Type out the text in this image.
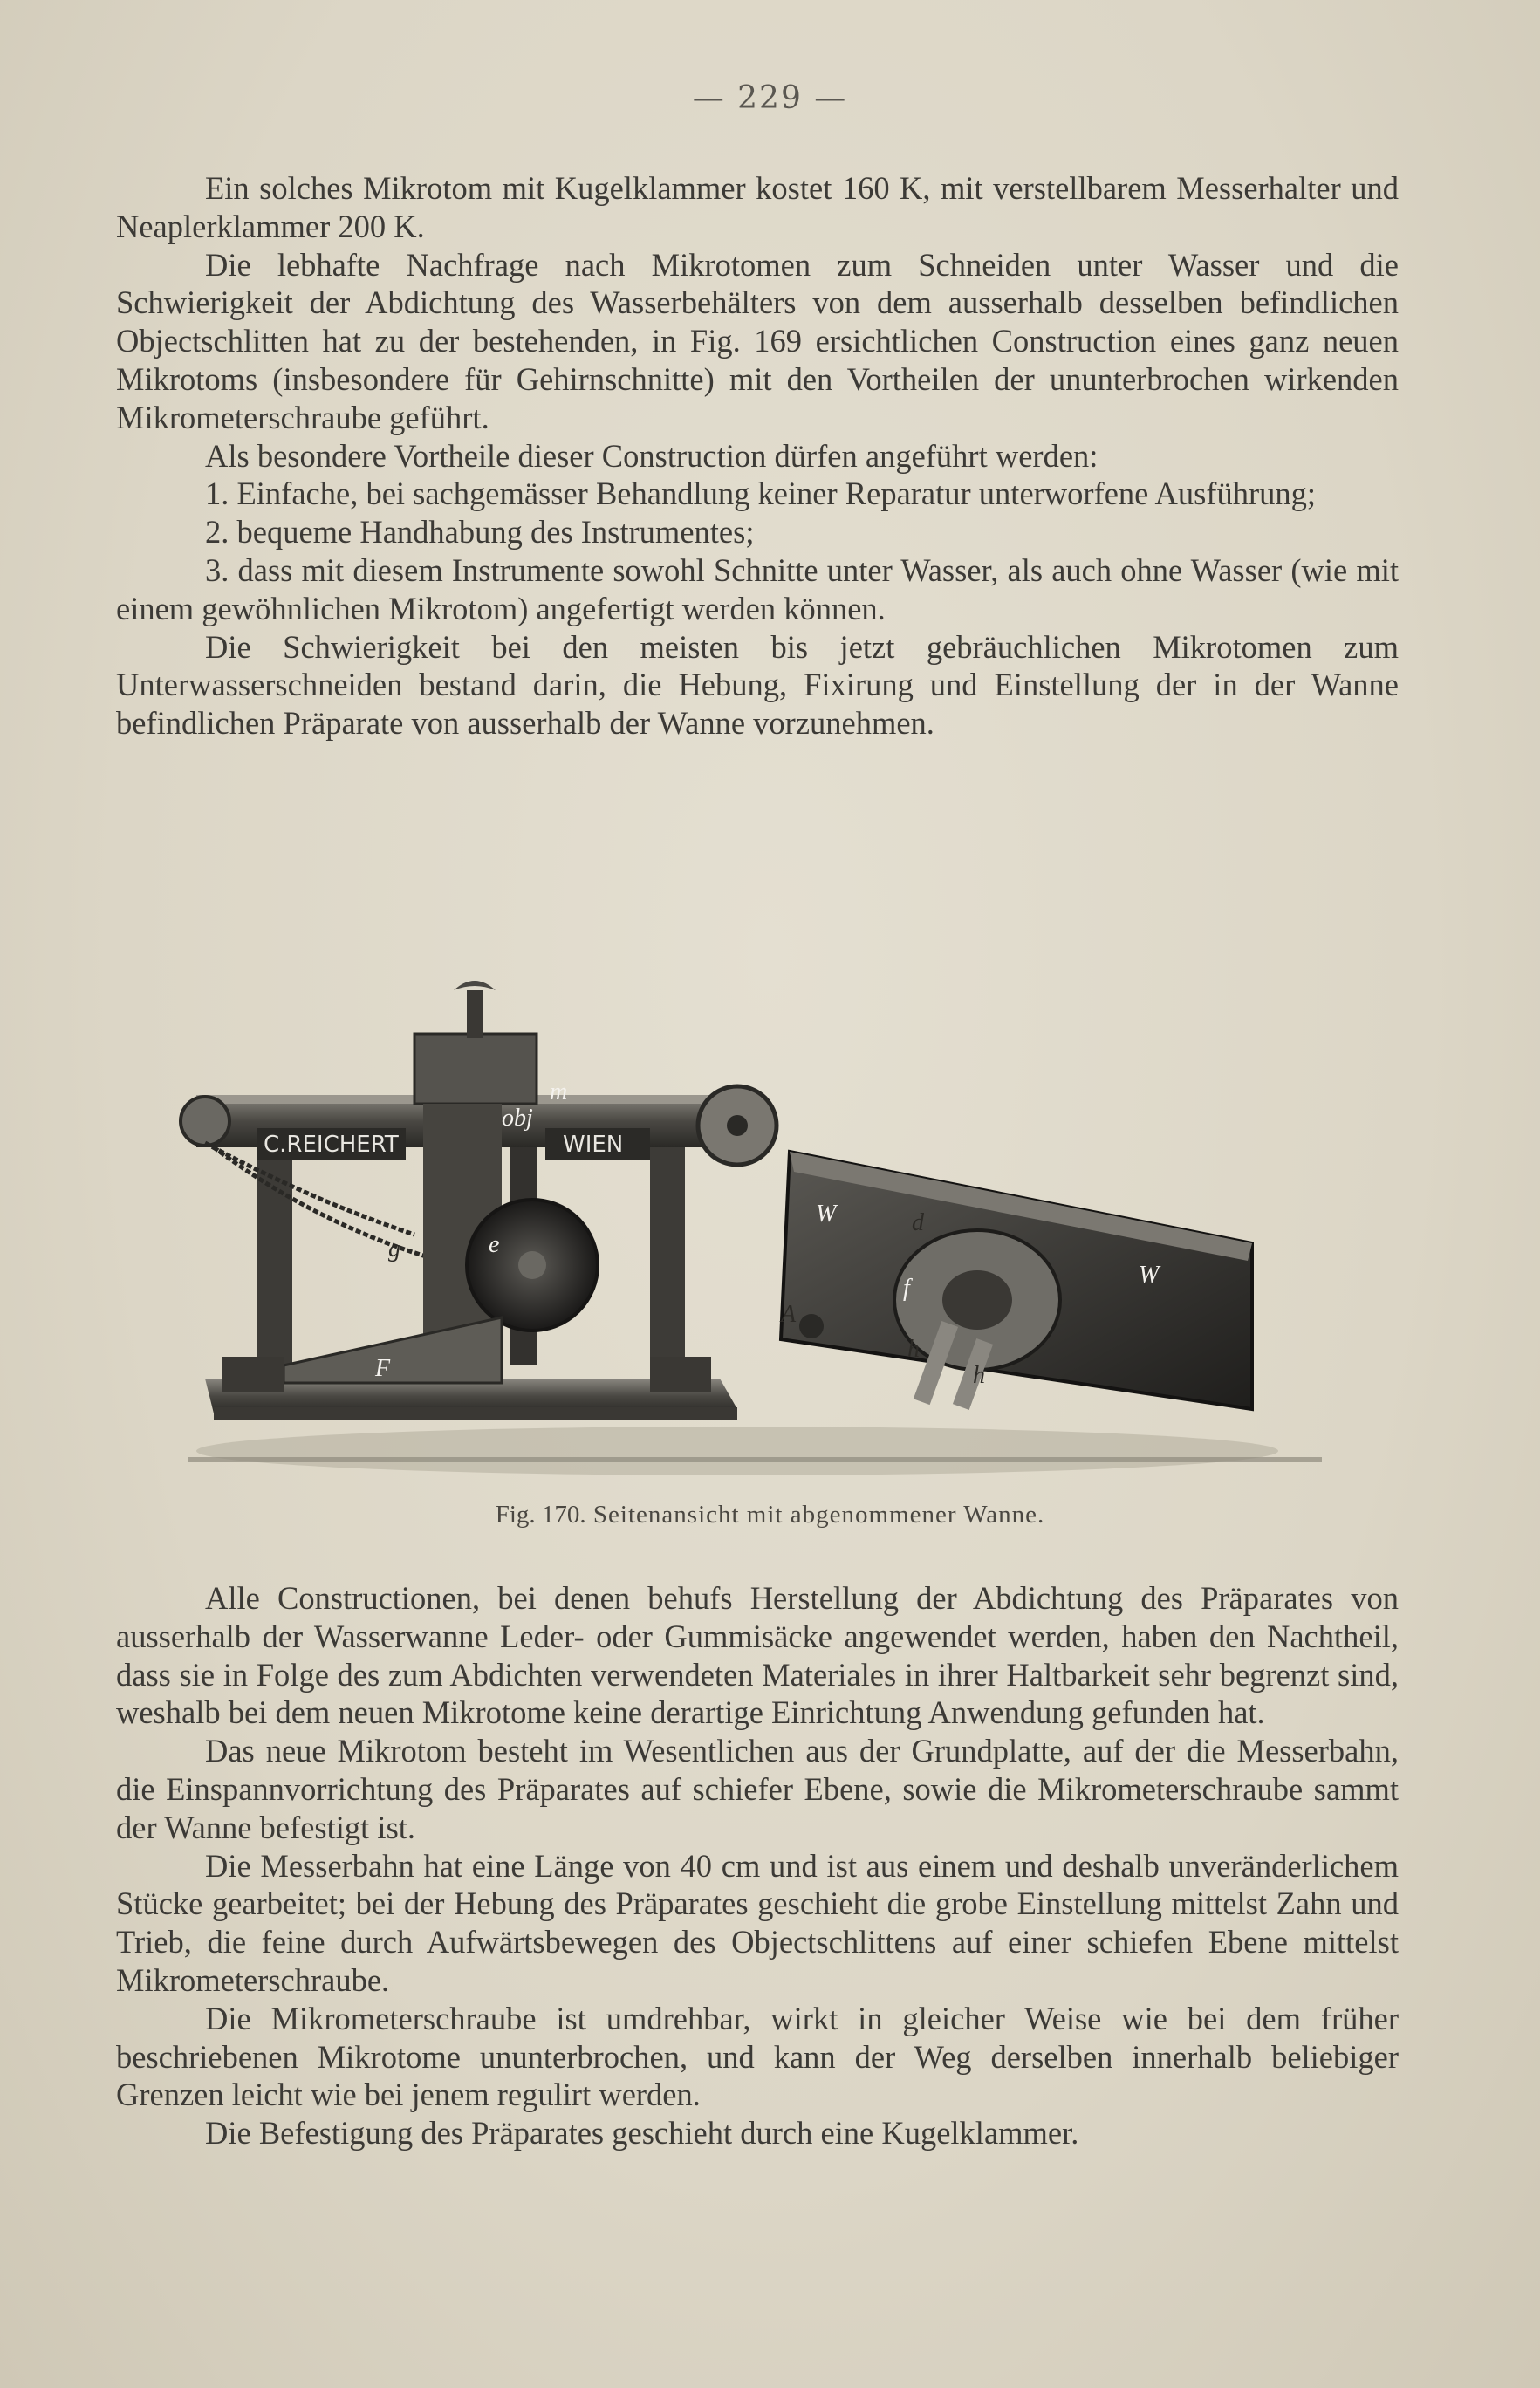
— 229 —

Ein solches Mikrotom mit Kugelklammer kostet 160 K, mit verstellbarem Messerhalter und Neaplerklammer 200 K.

Die lebhafte Nachfrage nach Mikrotomen zum Schneiden unter Wasser und die Schwierigkeit der Abdichtung des Wasserbehälters von dem ausserhalb desselben befindlichen Objectschlitten hat zu der bestehenden, in Fig. 169 ersichtlichen Construction eines ganz neuen Mikrotoms (insbesondere für Gehirnschnitte) mit den Vortheilen der ununterbrochen wirkenden Mikrometerschraube geführt.

Als besondere Vortheile dieser Construction dürfen angeführt werden:

1. Einfache, bei sachgemässer Behandlung keiner Reparatur unterworfene Ausführung;

2. bequeme Handhabung des Instrumentes;

3. dass mit diesem Instrumente sowohl Schnitte unter Wasser, als auch ohne Wasser (wie mit einem gewöhnlichen Mikrotom) angefertigt werden können.

Die Schwierigkeit bei den meisten bis jetzt gebräuchlichen Mikrotomen zum Unterwasserschneiden bestand darin, die Hebung, Fixirung und Einstellung der in der Wanne befindlichen Präparate von ausserhalb der Wanne vorzunehmen.

C.REICHERT	WIEN
obj
m
e
g
F
W
W
d
f
h
h
A
Fig. 170. Seitenansicht mit abgenommener Wanne.

Alle Constructionen, bei denen behufs Herstellung der Abdichtung des Präparates von ausserhalb der Wasserwanne Leder- oder Gummisäcke angewendet werden, haben den Nachtheil, dass sie in Folge des zum Abdichten verwendeten Materiales in ihrer Haltbarkeit sehr begrenzt sind, weshalb bei dem neuen Mikrotome keine derartige Einrichtung Anwendung gefunden hat.

Das neue Mikrotom besteht im Wesentlichen aus der Grundplatte, auf der die Messerbahn, die Einspannvorrichtung des Präparates auf schiefer Ebene, sowie die Mikrometerschraube sammt der Wanne befestigt ist.

Die Messerbahn hat eine Länge von 40 cm und ist aus einem und deshalb unveränderlichem Stücke gearbeitet; bei der Hebung des Präparates geschieht die grobe Einstellung mittelst Zahn und Trieb, die feine durch Aufwärtsbewegen des Objectschlittens auf einer schiefen Ebene mittelst Mikrometerschraube.

Die Mikrometerschraube ist umdrehbar, wirkt in gleicher Weise wie bei dem früher beschriebenen Mikrotome ununterbrochen, und kann der Weg derselben innerhalb beliebiger Grenzen leicht wie bei jenem regulirt werden.

Die Befestigung des Präparates geschieht durch eine Kugelklammer.
